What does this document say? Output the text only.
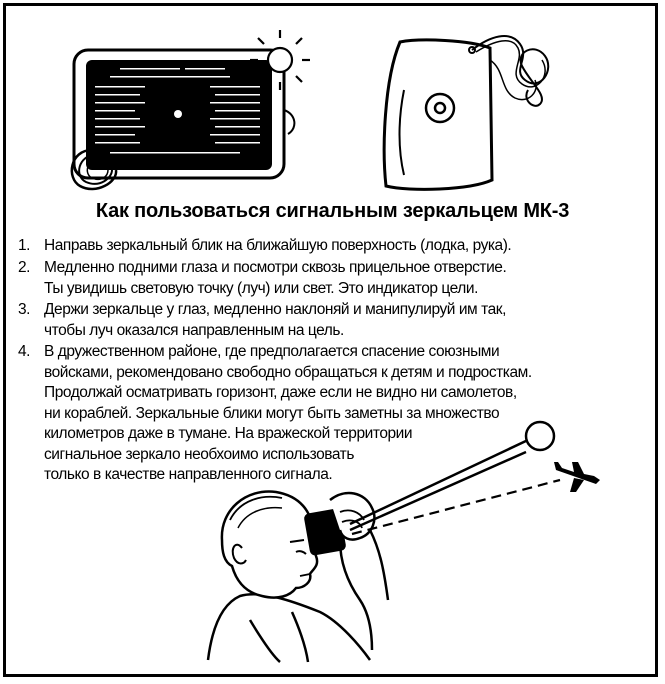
Как пользоваться сигнальным зеркальцем МК-3
1. Направь зеркальный блик на ближайшую поверхность (лодка, рука).
2. Медленно подними глаза и посмотри сквозь прицельное отверстие.
Ты увидишь световую точку (луч) или свет. Это индикатор цели.
3. Держи зеркальце у глаз, медленно наклоняй и манипулируй им так,
чтобы луч оказался направленным на цель.
4. В дружественном районе, где предполагается спасение союзными
войсками, рекомендовано свободно обращаться к детям и подросткам.
Продолжай осматривать горизонт, даже если не видно ни самолетов,
ни кораблей. Зеркальные блики могут быть заметны за множество
километров даже в тумане. На вражеской территории
сигнальное зеркало необхоимо использовать
только в качестве направленного сигнала.
